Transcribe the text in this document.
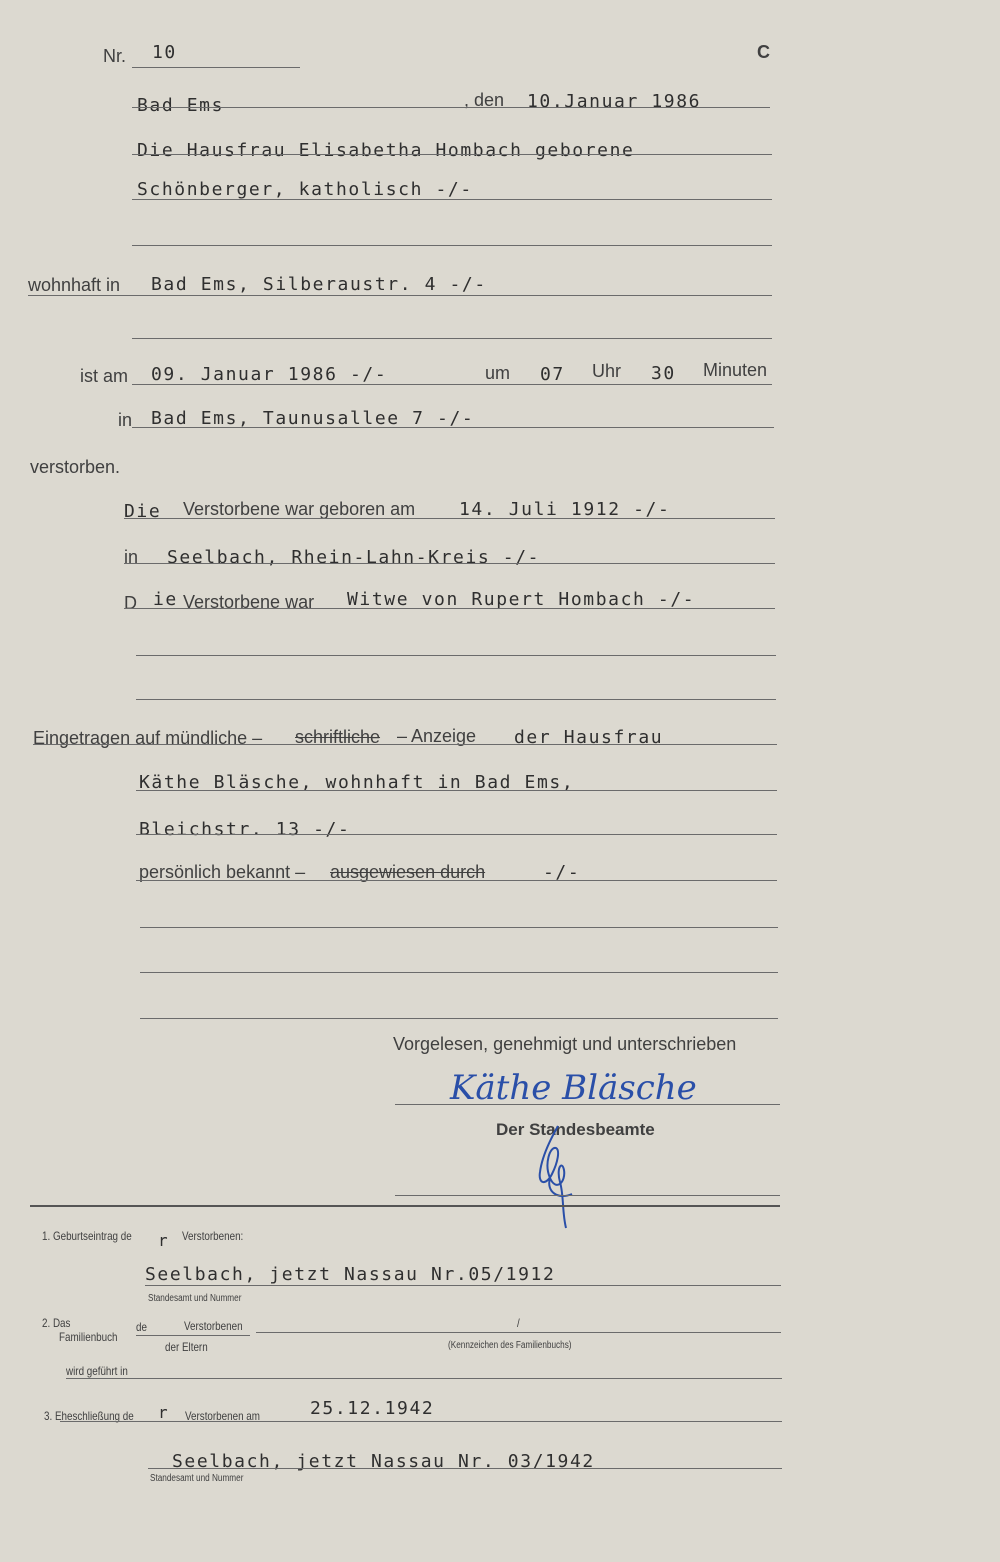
Nr. 10	C
Bad Ems	, den 10.Januar 1986
Die Hausfrau Elisabetha Hombach geborene
Schönberger, katholisch -/-
wohnhaft in Bad Ems, Silberaustr. 4 -/-
ist am 09. Januar 1986 -/-	um 07 Uhr 30 Minuten
in Bad Ems, Taunusallee 7 -/-
verstorben.
Die Verstorbene war geboren am 14. Juli 1912 -/-
in Seelbach, Rhein-Lahn-Kreis -/-
D ie Verstorbene war Witwe von Rupert Hombach -/-
Eingetragen auf mündliche – schriftliche – Anzeige der Hausfrau
Käthe Bläsche, wohnhaft in Bad Ems,
Bleichstr. 13 -/-
persönlich bekannt – ausgewiesen durch	-/-
Vorgelesen, genehmigt und unterschrieben
Käthe Bläsche
Der Standesbeamte
1. Geburtseintrag de r Verstorbenen:
Seelbach, jetzt Nassau Nr.05/1912
Standesamt und Nummer
2. Das
Familienbuch
de	Verstorbenen	/
der Eltern	(Kennzeichen des Familienbuchs)
wird geführt in
3. Eheschließung de r Verstorbenen am	25.12.1942
Seelbach, jetzt Nassau Nr. 03/1942
Standesamt und Nummer
